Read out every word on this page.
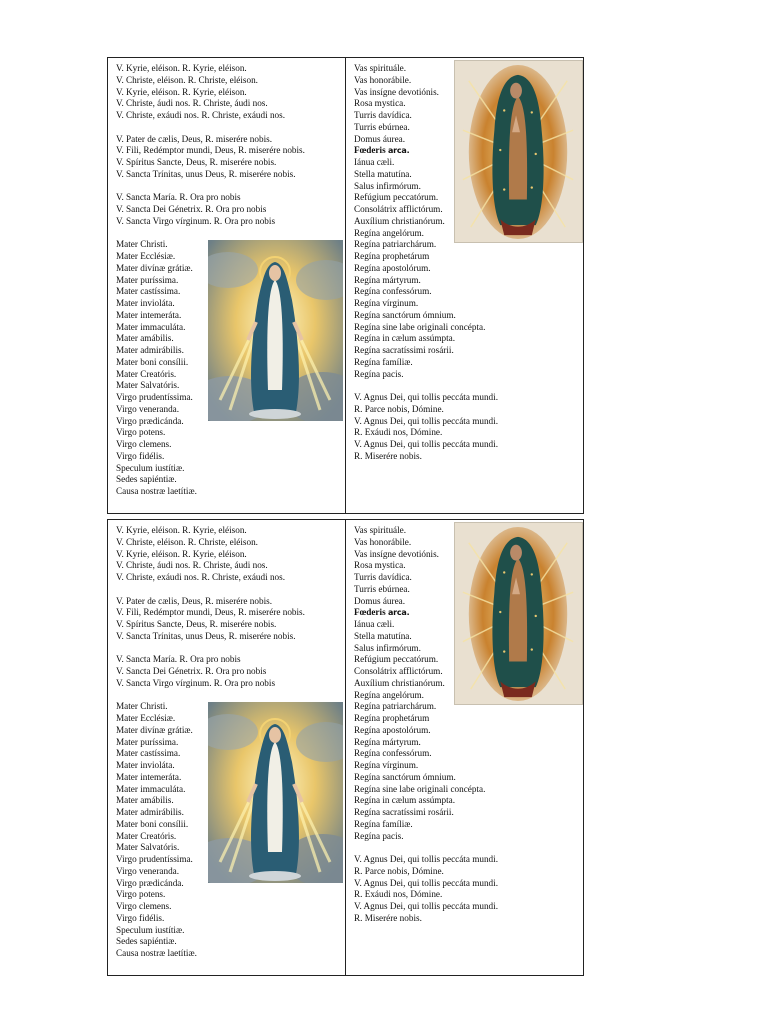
V. Kyrie, eléison. R. Kyrie, eléison.
V. Christe, eléison. R. Christe, eléison.
V. Kyrie, eléison. R. Kyrie, eléison.
V. Christe, áudi nos. R. Christe, áudi nos.
V. Christe, exáudi nos. R. Christe, exáudi nos.
V. Pater de cælis, Deus, R. miserére nobis.
V. Fili, Redémptor mundi, Deus, R. miserére nobis.
V. Spíritus Sancte, Deus, R. miserére nobis.
V. Sancta Trínitas, unus Deus, R. miserére nobis.
V. Sancta María. R. Ora pro nobis
V. Sancta Dei Génetrix. R. Ora pro nobis
V. Sancta Virgo vírginum. R. Ora pro nobis
Mater Christi.
Mater Ecclésiæ.
Mater divínæ grátiæ.
Mater puríssima.
Mater castíssima.
Mater invioláta.
Mater intemeráta.
Mater immaculáta.
Mater amábilis.
Mater admirábilis.
Mater boni consílii.
Mater Creatóris.
Mater Salvatóris.
Virgo prudentíssima.
Virgo veneranda.
Virgo prædicánda.
Virgo potens.
Virgo clemens.
Virgo fidélis.
Speculum iustítiæ.
Sedes sapiéntiæ.
Causa nostræ laetítiæ.
Vas spirituále.
Vas honorábile.
Vas insígne devotiónis.
Rosa mystica.
Turris davídica.
Turris ebúrnea.
Domus áurea.
Fœderis arca.
Iánua cæli.
Stella matutína.
Salus infirmórum.
Refúgium peccatórum.
Consolátrix afflictórum.
Auxílium christianórum.
Regína angelórum.
Regína patriarchárum.
Regína prophetárum
Regína apostolórum.
Regína mártyrum.
Regína confessórum.
Regína vírginum.
Regína sanctórum ómnium.
Regína sine labe originali concépta.
Regína in cælum assúmpta.
Regína sacratíssimi rosárii.
Regína famíliæ.
Regína pacis.
V. Agnus Dei, qui tollis peccáta mundi.
R. Parce nobis, Dómine.
V. Agnus Dei, qui tollis peccáta mundi.
R. Exáudi nos, Dómine.
V. Agnus Dei, qui tollis peccáta mundi.
R. Miserére nobis.
V. Kyrie, eléison. R. Kyrie, eléison.
V. Christe, eléison. R. Christe, eléison.
V. Kyrie, eléison. R. Kyrie, eléison.
V. Christe, áudi nos. R. Christe, áudi nos.
V. Christe, exáudi nos. R. Christe, exáudi nos.
V. Pater de cælis, Deus, R. miserére nobis.
V. Fili, Redémptor mundi, Deus, R. miserére nobis.
V. Spíritus Sancte, Deus, R. miserére nobis.
V. Sancta Trínitas, unus Deus, R. miserére nobis.
V. Sancta María. R. Ora pro nobis
V. Sancta Dei Génetrix. R. Ora pro nobis
V. Sancta Virgo vírginum. R. Ora pro nobis
Mater Christi.
Mater Ecclésiæ.
Mater divínæ grátiæ.
Mater puríssima.
Mater castíssima.
Mater invioláta.
Mater intemeráta.
Mater immaculáta.
Mater amábilis.
Mater admirábilis.
Mater boni consílii.
Mater Creatóris.
Mater Salvatóris.
Virgo prudentíssima.
Virgo veneranda.
Virgo prædicánda.
Virgo potens.
Virgo clemens.
Virgo fidélis.
Speculum iustítiæ.
Sedes sapiéntiæ.
Causa nostræ laetítiæ.
Vas spirituále.
Vas honorábile.
Vas insígne devotiónis.
Rosa mystica.
Turris davídica.
Turris ebúrnea.
Domus áurea.
Fœderis arca.
Iánua cæli.
Stella matutína.
Salus infirmórum.
Refúgium peccatórum.
Consolátrix afflictórum.
Auxílium christianórum.
Regína angelórum.
Regína patriarchárum.
Regína prophetárum
Regína apostolórum.
Regína mártyrum.
Regína confessórum.
Regína vírginum.
Regína sanctórum ómnium.
Regína sine labe originali concépta.
Regína in cælum assúmpta.
Regína sacratíssimi rosárii.
Regína famíliæ.
Regína pacis.
V. Agnus Dei, qui tollis peccáta mundi.
R. Parce nobis, Dómine.
V. Agnus Dei, qui tollis peccáta mundi.
R. Exáudi nos, Dómine.
V. Agnus Dei, qui tollis peccáta mundi.
R. Miserére nobis.
